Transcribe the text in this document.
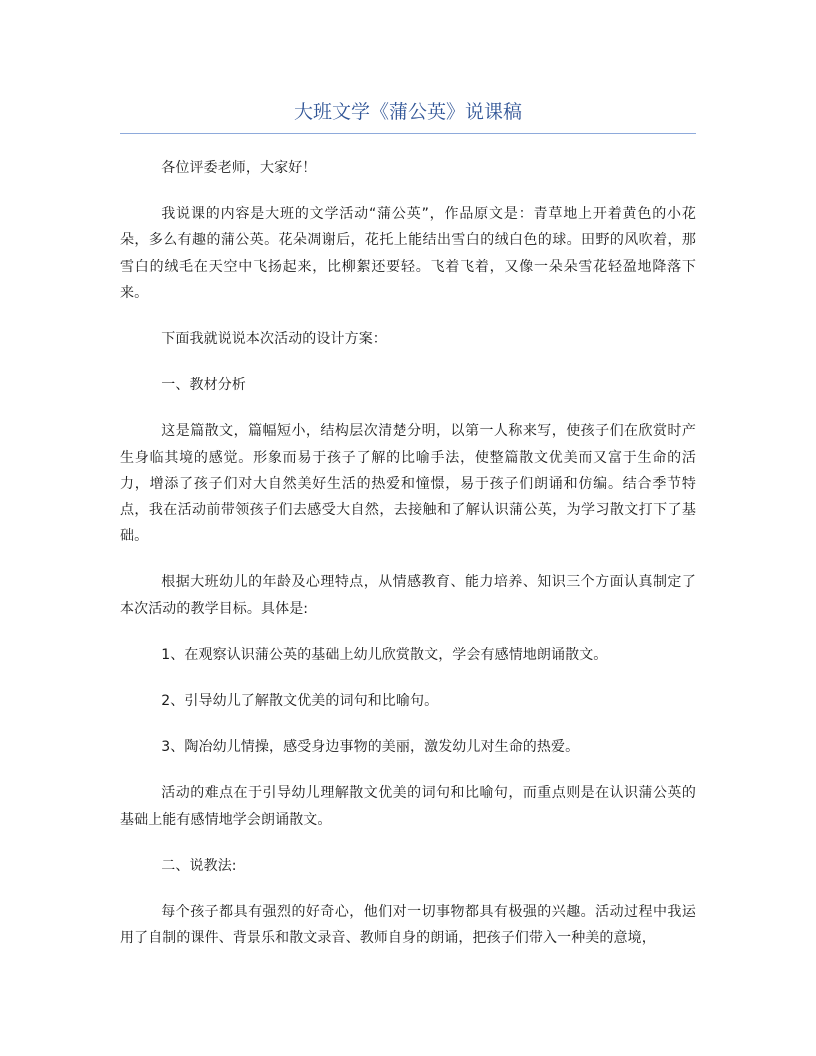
大班文学《蒲公英》说课稿

各位评委老师，大家好！

我说课的内容是大班的文学活动“蒲公英”，作品原文是：青草地上开着黄色的小花朵，多么有趣的蒲公英。花朵凋谢后，花托上能结出雪白的绒白色的球。田野的风吹着，那雪白的绒毛在天空中飞扬起来，比柳絮还要轻。飞着飞着，又像一朵朵雪花轻盈地降落下来。

下面我就说说本次活动的设计方案：

一、教材分析

这是篇散文，篇幅短小，结构层次清楚分明，以第一人称来写，使孩子们在欣赏时产生身临其境的感觉。形象而易于孩子了解的比喻手法，使整篇散文优美而又富于生命的活力，增添了孩子们对大自然美好生活的热爱和憧憬，易于孩子们朗诵和仿编。结合季节特点，我在活动前带领孩子们去感受大自然，去接触和了解认识蒲公英，为学习散文打下了基础。

根据大班幼儿的年龄及心理特点，从情感教育、能力培养、知识三个方面认真制定了本次活动的教学目标。具体是:

1、在观察认识蒲公英的基础上幼儿欣赏散文，学会有感情地朗诵散文。

2、引导幼儿了解散文优美的词句和比喻句。

3、陶冶幼儿情操，感受身边事物的美丽，激发幼儿对生命的热爱。

活动的难点在于引导幼儿理解散文优美的词句和比喻句，而重点则是在认识蒲公英的基础上能有感情地学会朗诵散文。

二、说教法:

每个孩子都具有强烈的好奇心，他们对一切事物都具有极强的兴趣。活动过程中我运用了自制的课件、背景乐和散文录音、教师自身的朗诵，把孩子们带入一种美的意境，
